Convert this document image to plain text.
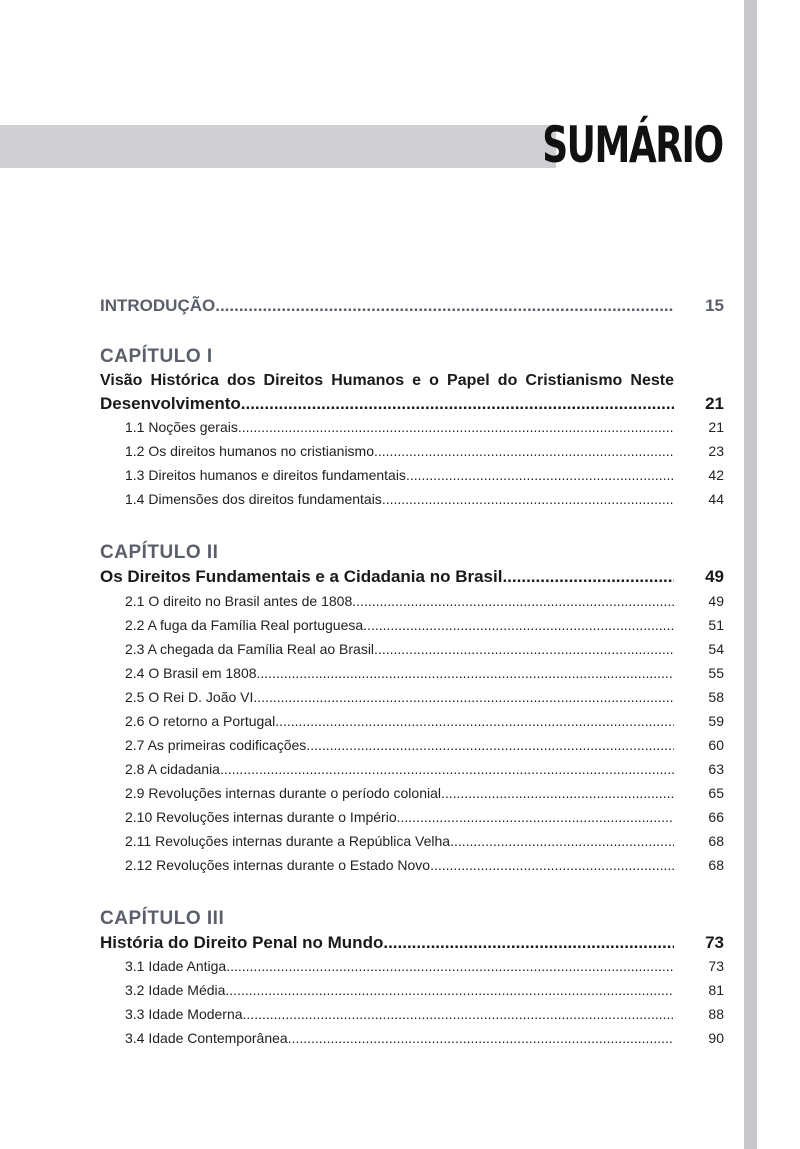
SUMÁRIO
INTRODUÇÃO .....	15
CAPÍTULO I
Visão Histórica dos Direitos Humanos e o Papel do Cristianismo Neste
Desenvolvimento .....	21
1.1 Noções gerais .....	21
1.2 Os direitos humanos no cristianismo .....	23
1.3 Direitos humanos e direitos fundamentais .....	42
1.4 Dimensões dos direitos fundamentais .....	44
CAPÍTULO II
Os Direitos Fundamentais e a Cidadania no Brasil .....	49
2.1 O direito no Brasil antes de 1808 .....	49
2.2 A fuga da Família Real portuguesa .....	51
2.3 A chegada da Família Real ao Brasil .....	54
2.4 O Brasil em 1808 .....	55
2.5 O Rei D. João VI .....	58
2.6 O retorno a Portugal .....	59
2.7 As primeiras codificações .....	60
2.8 A cidadania .....	63
2.9 Revoluções internas durante o período colonial .....	65
2.10 Revoluções internas durante o Império .....	66
2.11 Revoluções internas durante a República Velha .....	68
2.12 Revoluções internas durante o Estado Novo .....	68
CAPÍTULO III
História do Direito Penal no Mundo .....	73
3.1 Idade Antiga .....	73
3.2 Idade Média .....	81
3.3 Idade Moderna .....	88
3.4 Idade Contemporânea .....	90
